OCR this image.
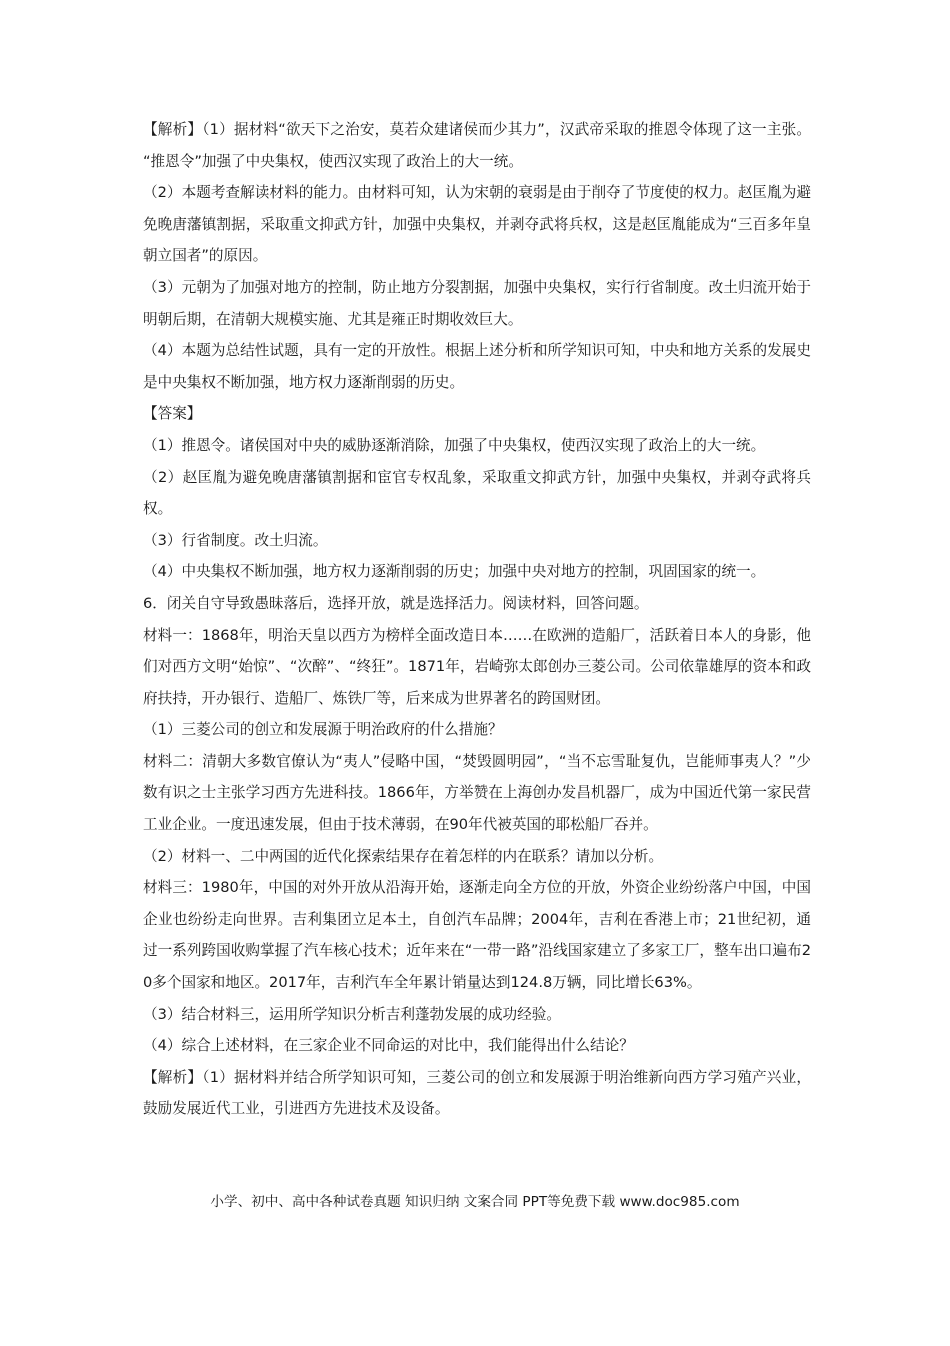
【解析】（1）据材料“欲天下之治安，莫若众建诸侯而少其力”，汉武帝采取的推恩令体现了这一主张。 “推恩令”加强了中央集权，使西汉实现了政治上的大一统。

（2）本题考查解读材料的能力。由材料可知，认为宋朝的衰弱是由于削夺了节度使的权力。赵匡胤为避免晚唐藩镇割据，采取重文抑武方针，加强中央集权，并剥夺武将兵权，这是赵匡胤能成为“三百多年皇朝立国者”的原因。

（3）元朝为了加强对地方的控制，防止地方分裂割据，加强中央集权，实行行省制度。改土归流开始于明朝后期，在清朝大规模实施、尤其是雍正时期收效巨大。

（4）本题为总结性试题，具有一定的开放性。根据上述分析和所学知识可知，中央和地方关系的发展史是中央集权不断加强，地方权力逐渐削弱的历史。

【答案】

（1）推恩令。诸侯国对中央的威胁逐渐消除，加强了中央集权，使西汉实现了政治上的大一统。

（2）赵匡胤为避免晚唐藩镇割据和宦官专权乱象，采取重文抑武方针，加强中央集权，并剥夺武将兵权。

（3）行省制度。改土归流。

（4）中央集权不断加强，地方权力逐渐削弱的历史；加强中央对地方的控制，巩固国家的统一。

6．闭关自守导致愚昧落后，选择开放，就是选择活力。阅读材料，回答问题。

材料一：1868年，明治天皇以西方为榜样全面改造日本……在欧洲的造船厂，活跃着日本人的身影，他们对西方文明“始惊”、“次醉”、“终狂”。1871年，岩崎弥太郎创办三菱公司。公司依靠雄厚的资本和政府扶持，开办银行、造船厂、炼铁厂等，后来成为世界著名的跨国财团。

（1）三菱公司的创立和发展源于明治政府的什么措施？

材料二：清朝大多数官僚认为“夷人”侵略中国，“焚毁圆明园”，“当不忘雪耻复仇，岂能师事夷人？”少数有识之士主张学习西方先进科技。1866年，方举赞在上海创办发昌机器厂，成为中国近代第一家民营工业企业。一度迅速发展，但由于技术薄弱，在90年代被英国的耶松船厂吞并。

（2）材料一、二中两国的近代化探索结果存在着怎样的内在联系？请加以分析。

材料三：1980年，中国的对外开放从沿海开始，逐渐走向全方位的开放，外资企业纷纷落户中国，中国企业也纷纷走向世界。吉利集团立足本土，自创汽车品牌；2004年，吉利在香港上市；21世纪初，通过一系列跨国收购掌握了汽车核心技术；近年来在“一带一路”沿线国家建立了多家工厂，整车出口遍布20多个国家和地区。2017年，吉利汽车全年累计销量达到124.8万辆，同比增长63%。

（3）结合材料三，运用所学知识分析吉利蓬勃发展的成功经验。

（4）综合上述材料，在三家企业不同命运的对比中，我们能得出什么结论？

【解析】（1）据材料并结合所学知识可知，三菱公司的创立和发展源于明治维新向西方学习殖产兴业，鼓励发展近代工业，引进西方先进技术及设备。

小学、初中、高中各种试卷真题 知识归纳 文案合同 PPT等免费下载 www.doc985.com
